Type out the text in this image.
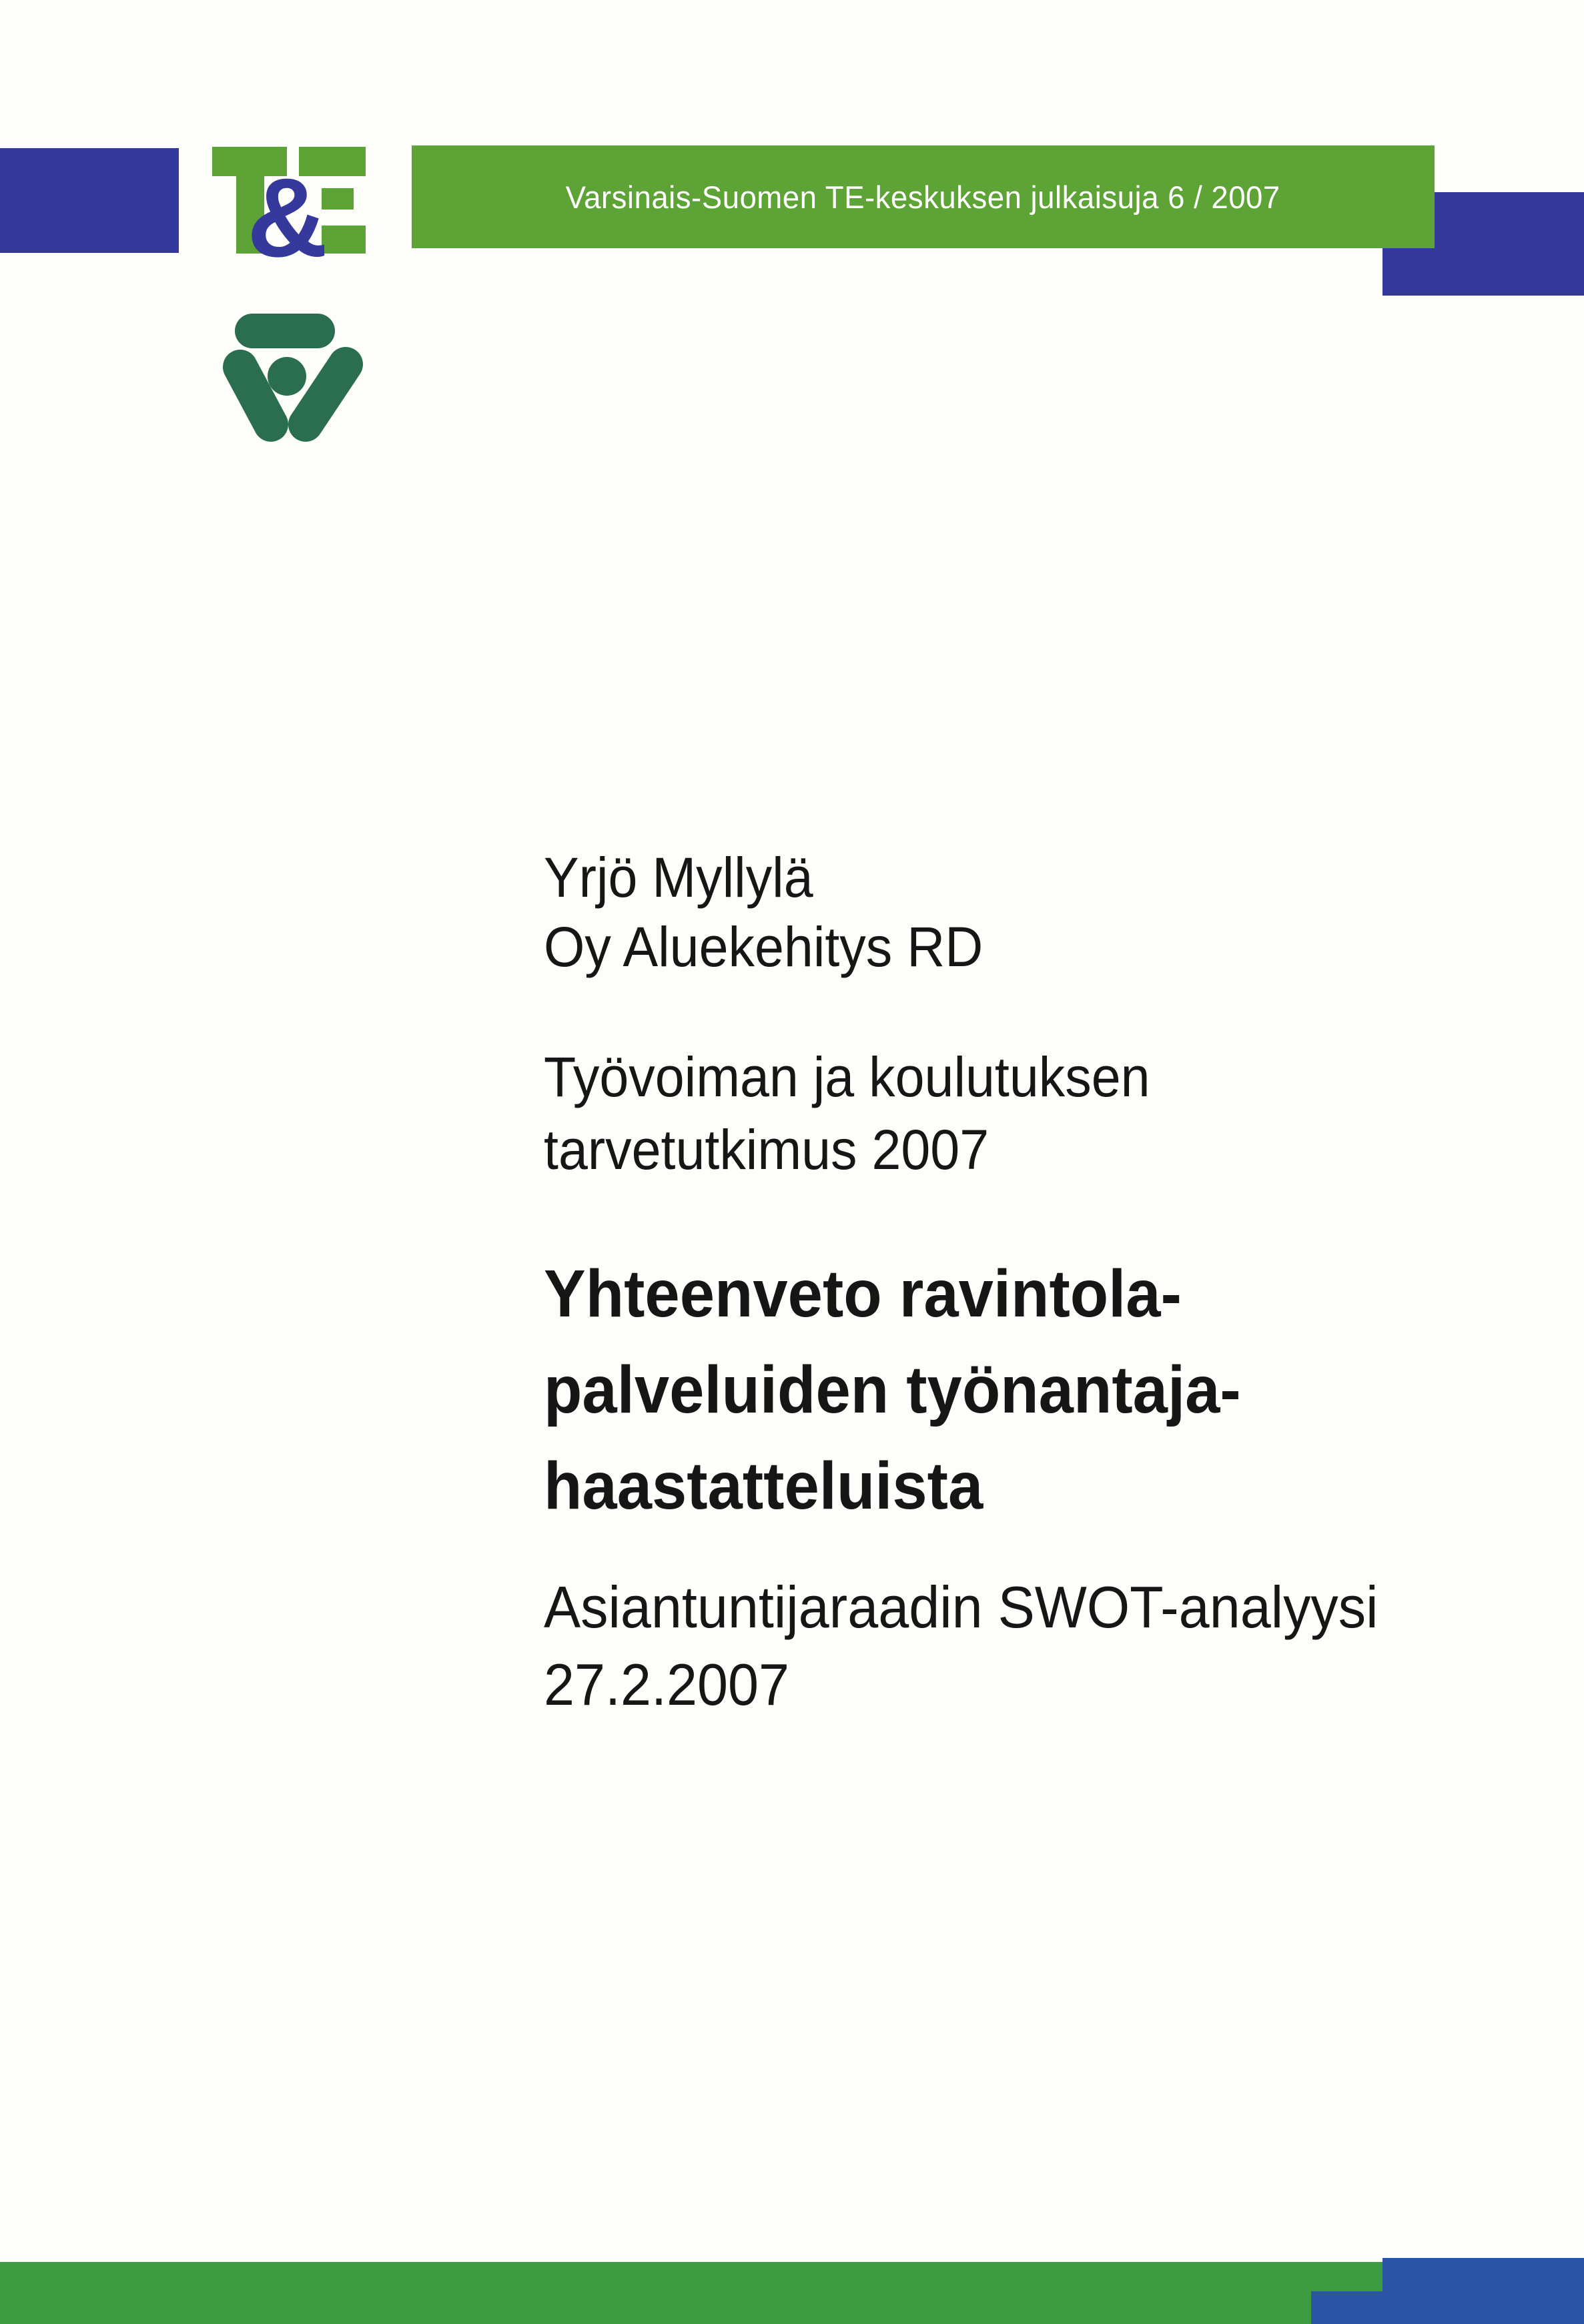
Varsinais-Suomen TE-keskuksen julkaisuja 6 / 2007
&
Yrjö Myllylä
Oy Aluekehitys RD
Työvoiman ja koulutuksen
tarvetutkimus 2007
Yhteenveto ravintola-
palveluiden työnantaja-
haastatteluista
Asiantuntijaraadin SWOT-analyysi
27.2.2007
